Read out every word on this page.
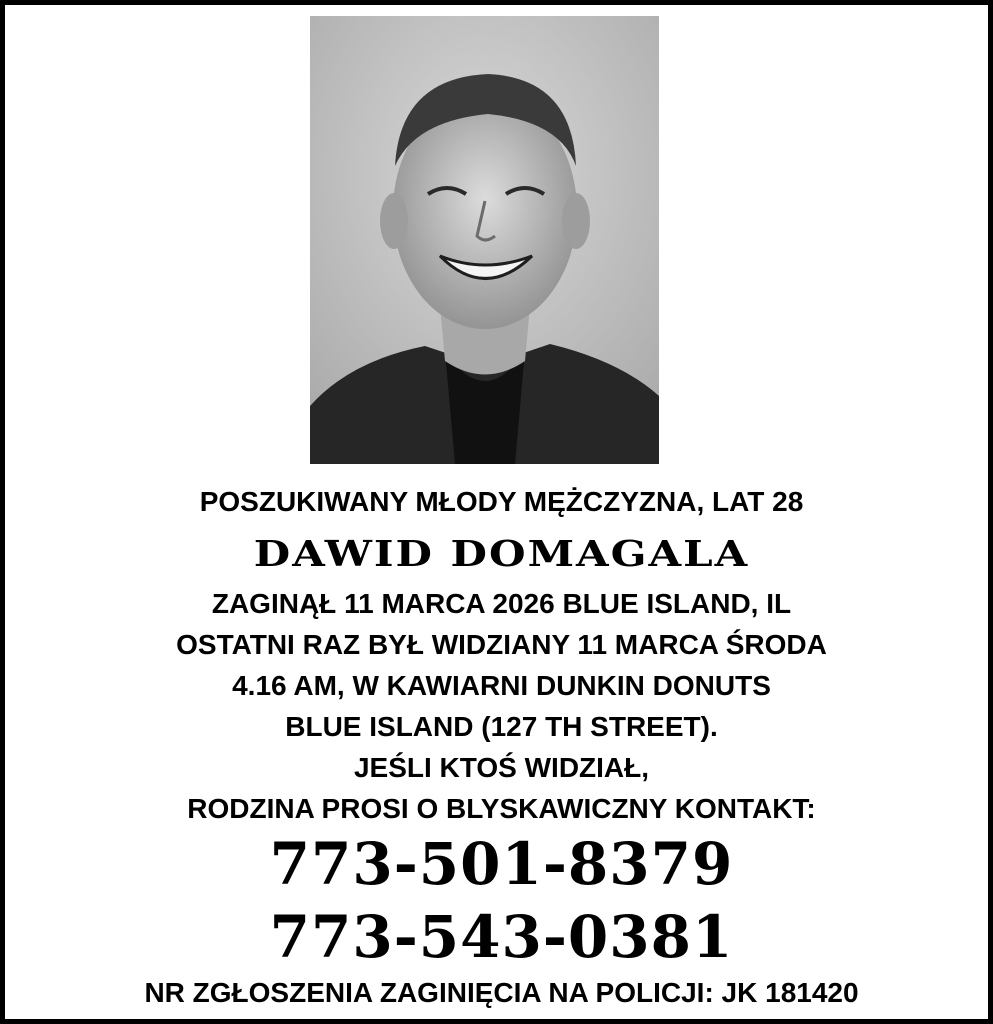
POSZUKIWANY MŁODY MĘŻCZYZNA, LAT 28
DAWID DOMAGALA
ZAGINĄŁ 11 MARCA 2026 BLUE ISLAND, IL
OSTATNI RAZ BYŁ WIDZIANY 11 MARCA ŚRODA
4.16 AM, W KAWIARNI DUNKIN DONUTS
BLUE ISLAND (127 TH STREET).
JEŚLI KTOŚ WIDZIAŁ,
RODZINA PROSI O BLYSKAWICZNY KONTAKT:
773-501-8379
773-543-0381
NR ZGŁOSZENIA ZAGINIĘCIA NA POLICJI: JK 181420
